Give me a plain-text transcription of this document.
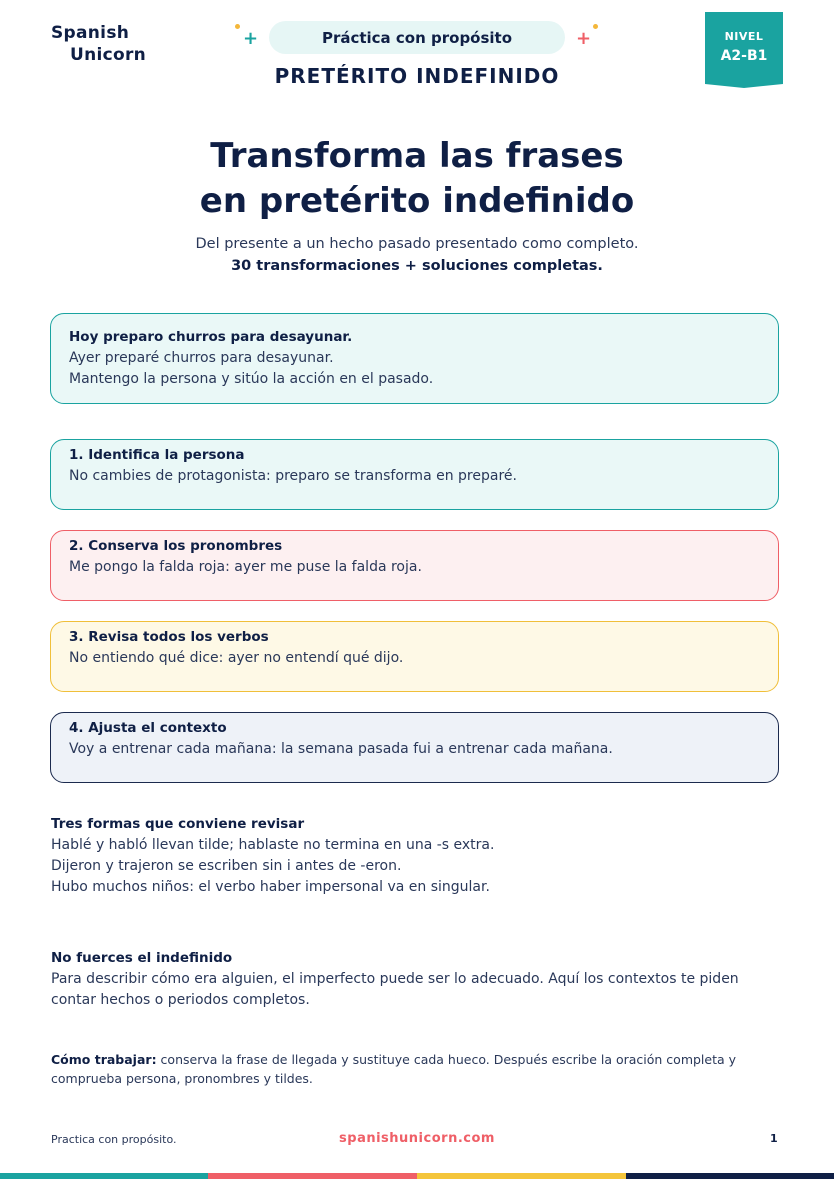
Spanish
Unicorn
+	Práctica con propósito	+
PRETÉRITO INDEFINIDO
NIVEL
A2-B1
Transforma las frases
en pretérito indefinido
Del presente a un hecho pasado presentado como completo.
30 transformaciones + soluciones completas.
Hoy preparo churros para desayunar.
Ayer preparé churros para desayunar.
Mantengo la persona y sitúo la acción en el pasado.
1. Identifica la persona
No cambies de protagonista: preparo se transforma en preparé.
2. Conserva los pronombres
Me pongo la falda roja: ayer me puse la falda roja.
3. Revisa todos los verbos
No entiendo qué dice: ayer no entendí qué dijo.
4. Ajusta el contexto
Voy a entrenar cada mañana: la semana pasada fui a entrenar cada mañana.
Tres formas que conviene revisar
Hablé y habló llevan tilde; hablaste no termina en una -s extra.
Dijeron y trajeron se escriben sin i antes de -eron.
Hubo muchos niños: el verbo haber impersonal va en singular.
No fuerces el indefinido
Para describir cómo era alguien, el imperfecto puede ser lo adecuado. Aquí los contextos te piden
contar hechos o periodos completos.
Cómo trabajar: conserva la frase de llegada y sustituye cada hueco. Después escribe la oración completa y comprueba persona, pronombres y tildes.
Practica con propósito.	spanishunicorn.com	1
